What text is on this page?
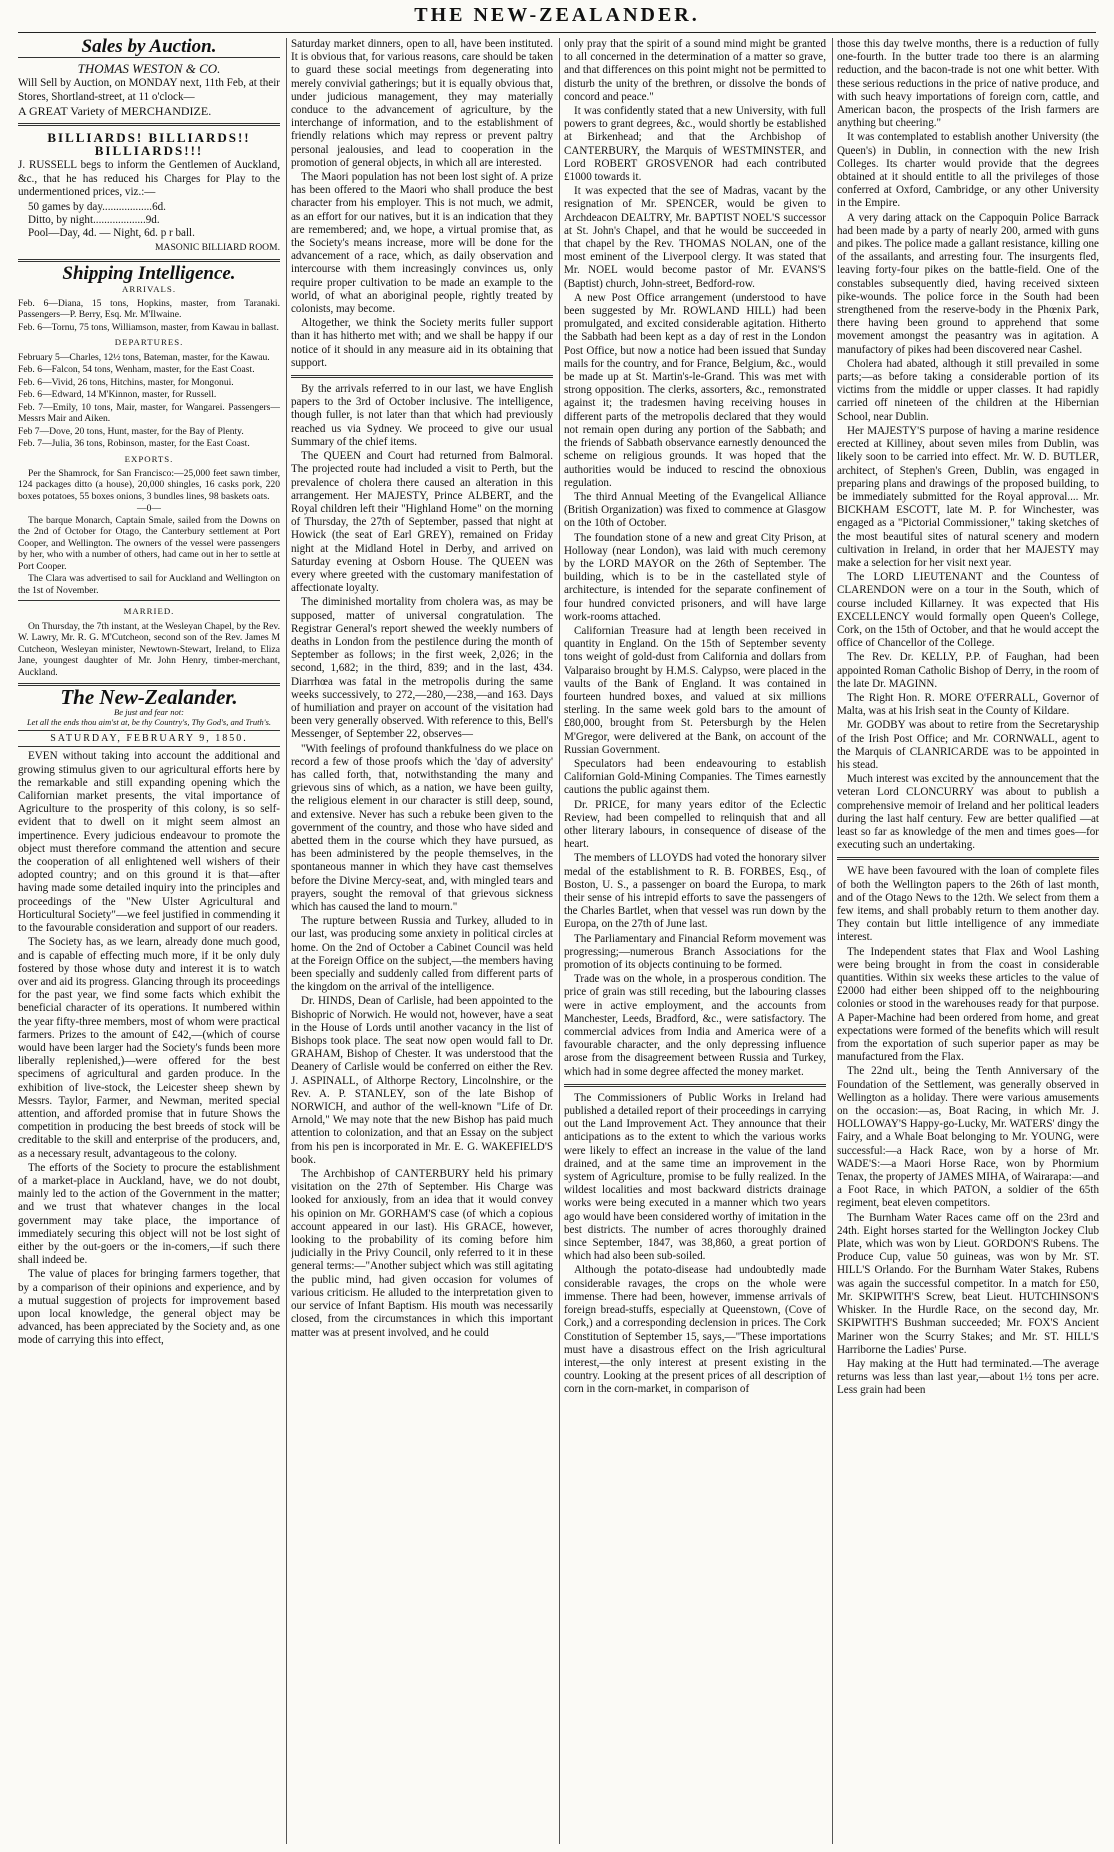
THE NEW-ZEALANDER.
Sales by Auction.
THOMAS WESTON & CO.

Will Sell by Auction, on MONDAY next, 11th Feb, at their Stores, Shortland-street, at 11 o'clock—

A GREAT Variety of MERCHANDIZE.

BILLIARDS! BILLIARDS!! BILLIARDS!!!

J. RUSSELL begs to inform the Gentlemen of Auckland, &c., that he has reduced his Charges for Play to the undermentioned prices, viz.:—

50 games by day..................6d.
Ditto, by night...................9d.
Pool—Day, 4d. — Night, 6d. p r ball.
MASONIC BILLIARD ROOM.
Shipping Intelligence.
ARRIVALS.

Feb. 6—Diana, 15 tons, Hopkins, master, from Taranaki. Passengers—P. Berry, Esq. Mr. M'Ilwaine.

Feb. 6—Tornu, 75 tons, Williamson, master, from Kawau in ballast.

DEPARTURES.

February 5—Charles, 12½ tons, Bateman, master, for the Kawau.

Feb. 6—Falcon, 54 tons, Wenham, master, for the East Coast.

Feb. 6—Vivid, 26 tons, Hitchins, master, for Mongonui.

Feb. 6—Edward, 14 M'Kinnon, master, for Russell.

Feb. 7—Emily, 10 tons, Mair, master, for Wangarei. Passengers—Messrs Mair and Aiken.

Feb 7—Dove, 20 tons, Hunt, master, for the Bay of Plenty.

Feb. 7—Julia, 36 tons, Robinson, master, for the East Coast.

EXPORTS.

Per the Shamrock, for San Francisco:—25,000 feet sawn timber, 124 packages ditto (a house), 20,000 shingles, 16 casks pork, 220 boxes potatoes, 55 boxes onions, 3 bundles lines, 98 baskets oats.

—0—

The barque Monarch, Captain Smale, sailed from the Downs on the 2nd of October for Otago, the Canterbury settlement at Port Cooper, and Wellington. The owners of the vessel were passengers by her, who with a number of others, had came out in her to settle at Port Cooper.

The Clara was advertised to sail for Auckland and Wellington on the 1st of November.

MARRIED.

On Thursday, the 7th instant, at the Wesleyan Chapel, by the Rev. W. Lawry, Mr. R. G. M'Cutcheon, second son of the Rev. James M Cutcheon, Wesleyan minister, Newtown-Stewart, Ireland, to Eliza Jane, youngest daughter of Mr. John Henry, timber-merchant, Auckland.

The New-Zealander.
Be just and fear not:
Let all the ends thou aim'st at, be thy Country's, Thy God's, and Truth's.
SATURDAY, FEBRUARY 9, 1850.

EVEN without taking into account the additional and growing stimulus given to our agricultural efforts here by the remarkable and still expanding opening which the Californian market presents, the vital importance of Agriculture to the prosperity of this colony, is so self-evident that to dwell on it might seem almost an impertinence. Every judicious endeavour to promote the object must therefore command the attention and secure the cooperation of all enlightened well wishers of their adopted country; and on this ground it is that—after having made some detailed inquiry into the principles and proceedings of the "New Ulster Agricultural and Horticultural Society"—we feel justified in commending it to the favourable consideration and support of our readers.

The Society has, as we learn, already done much good, and is capable of effecting much more, if it be only duly fostered by those whose duty and interest it is to watch over and aid its progress. Glancing through its proceedings for the past year, we find some facts which exhibit the beneficial character of its operations. It numbered within the year fifty-three members, most of whom were practical farmers. Prizes to the amount of £42,—(which of course would have been larger had the Society's funds been more liberally replenished,)—were offered for the best specimens of agricultural and garden produce. In the exhibition of live-stock, the Leicester sheep shewn by Messrs. Taylor, Farmer, and Newman, merited special attention, and afforded promise that in future Shows the competition in producing the best breeds of stock will be creditable to the skill and enterprise of the producers, and, as a necessary result, advantageous to the colony.

The efforts of the Society to procure the establishment of a market-place in Auckland, have, we do not doubt, mainly led to the action of the Government in the matter; and we trust that whatever changes in the local government may take place, the importance of immediately securing this object will not be lost sight of either by the out-goers or the in-comers,—if such there shall indeed be.

The value of places for bringing farmers together, that by a comparison of their opinions and experience, and by a mutual suggestion of projects for improvement based upon local knowledge, the general object may be advanced, has been appreciated by the Society and, as one mode of carrying this into effect,

Saturday market dinners, open to all, have been instituted. It is obvious that, for various reasons, care should be taken to guard these social meetings from degenerating into merely convivial gatherings; but it is equally obvious that, under judicious management, they may materially conduce to the advancement of agriculture, by the interchange of information, and to the establishment of friendly relations which may repress or prevent paltry personal jealousies, and lead to cooperation in the promotion of general objects, in which all are interested.

The Maori population has not been lost sight of. A prize has been offered to the Maori who shall produce the best character from his employer. This is not much, we admit, as an effort for our natives, but it is an indication that they are remembered; and, we hope, a virtual promise that, as the Society's means increase, more will be done for the advancement of a race, which, as daily observation and intercourse with them increasingly convinces us, only require proper cultivation to be made an example to the world, of what an aboriginal people, rightly treated by colonists, may become.

Altogether, we think the Society merits fuller support than it has hitherto met with; and we shall be happy if our notice of it should in any measure aid in its obtaining that support.

By the arrivals referred to in our last, we have English papers to the 3rd of October inclusive. The intelligence, though fuller, is not later than that which had previously reached us via Sydney. We proceed to give our usual Summary of the chief items.

The QUEEN and Court had returned from Balmoral. The projected route had included a visit to Perth, but the prevalence of cholera there caused an alteration in this arrangement. Her MAJESTY, Prince ALBERT, and the Royal children left their "Highland Home" on the morning of Thursday, the 27th of September, passed that night at Howick (the seat of Earl GREY), remained on Friday night at the Midland Hotel in Derby, and arrived on Saturday evening at Osborn House. The QUEEN was every where greeted with the customary manifestation of affectionate loyalty.

The diminished mortality from cholera was, as may be supposed, matter of universal congratulation. The Registrar General's report shewed the weekly numbers of deaths in London from the pestilence during the month of September as follows; in the first week, 2,026; in the second, 1,682; in the third, 839; and in the last, 434. Diarrhœa was fatal in the metropolis during the same weeks successively, to 272,—280,—238,—and 163. Days of humiliation and prayer on account of the visitation had been very generally observed. With reference to this, Bell's Messenger, of September 22, observes—

"With feelings of profound thankfulness do we place on record a few of those proofs which the 'day of adversity' has called forth, that, notwithstanding the many and grievous sins of which, as a nation, we have been guilty, the religious element in our character is still deep, sound, and extensive. Never has such a rebuke been given to the government of the country, and those who have sided and abetted them in the course which they have pursued, as has been administered by the people themselves, in the spontaneous manner in which they have cast themselves before the Divine Mercy-seat, and, with mingled tears and prayers, sought the removal of that grievous sickness which has caused the land to mourn."

The rupture between Russia and Turkey, alluded to in our last, was producing some anxiety in political circles at home. On the 2nd of October a Cabinet Council was held at the Foreign Office on the subject,—the members having been specially and suddenly called from different parts of the kingdom on the arrival of the intelligence.

Dr. HINDS, Dean of Carlisle, had been appointed to the Bishopric of Norwich. He would not, however, have a seat in the House of Lords until another vacancy in the list of Bishops took place. The seat now open would fall to Dr. GRAHAM, Bishop of Chester. It was understood that the Deanery of Carlisle would be conferred on either the Rev. J. ASPINALL, of Althorpe Rectory, Lincolnshire, or the Rev. A. P. STANLEY, son of the late Bishop of NORWICH, and author of the well-known "Life of Dr. Arnold," We may note that the new Bishop has paid much attention to colonization, and that an Essay on the subject from his pen is incorporated in Mr. E. G. WAKEFIELD'S book.

The Archbishop of CANTERBURY held his primary visitation on the 27th of September. His Charge was looked for anxiously, from an idea that it would convey his opinion on Mr. GORHAM'S case (of which a copious account appeared in our last). His GRACE, however, looking to the probability of its coming before him judicially in the Privy Council, only referred to it in these general terms:—"Another subject which was still agitating the public mind, had given occasion for volumes of various criticism. He alluded to the interpretation given to our service of Infant Baptism. His mouth was necessarily closed, from the circumstances in which this important matter was at present involved, and he could

only pray that the spirit of a sound mind might be granted to all concerned in the determination of a matter so grave, and that differences on this point might not be permitted to disturb the unity of the brethren, or dissolve the bonds of concord and peace."

It was confidently stated that a new University, with full powers to grant degrees, &c., would shortly be established at Birkenhead; and that the Archbishop of CANTERBURY, the Marquis of WESTMINSTER, and Lord ROBERT GROSVENOR had each contributed £1000 towards it.

It was expected that the see of Madras, vacant by the resignation of Mr. SPENCER, would be given to Archdeacon DEALTRY, Mr. BAPTIST NOEL'S successor at St. John's Chapel, and that he would be succeeded in that chapel by the Rev. THOMAS NOLAN, one of the most eminent of the Liverpool clergy. It was stated that Mr. NOEL would become pastor of Mr. EVANS'S (Baptist) church, John-street, Bedford-row.

A new Post Office arrangement (understood to have been suggested by Mr. ROWLAND HILL) had been promulgated, and excited considerable agitation. Hitherto the Sabbath had been kept as a day of rest in the London Post Office, but now a notice had been issued that Sunday mails for the country, and for France, Belgium, &c., would be made up at St. Martin's-le-Grand. This was met with strong opposition. The clerks, assorters, &c., remonstrated against it; the tradesmen having receiving houses in different parts of the metropolis declared that they would not remain open during any portion of the Sabbath; and the friends of Sabbath observance earnestly denounced the scheme on religious grounds. It was hoped that the authorities would be induced to rescind the obnoxious regulation.

The third Annual Meeting of the Evangelical Alliance (British Organization) was fixed to commence at Glasgow on the 10th of October.

The foundation stone of a new and great City Prison, at Holloway (near London), was laid with much ceremony by the LORD MAYOR on the 26th of September. The building, which is to be in the castellated style of architecture, is intended for the separate confinement of four hundred convicted prisoners, and will have large work-rooms attached.

Californian Treasure had at length been received in quantity in England. On the 15th of September seventy tons weight of gold-dust from California and dollars from Valparaiso brought by H.M.S. Calypso, were placed in the vaults of the Bank of England. It was contained in fourteen hundred boxes, and valued at six millions sterling. In the same week gold bars to the amount of £80,000, brought from St. Petersburgh by the Helen M'Gregor, were delivered at the Bank, on account of the Russian Government.

Speculators had been endeavouring to establish Californian Gold-Mining Companies. The Times earnestly cautions the public against them.

Dr. PRICE, for many years editor of the Eclectic Review, had been compelled to relinquish that and all other literary labours, in consequence of disease of the heart.

The members of LLOYDS had voted the honorary silver medal of the establishment to R. B. FORBES, Esq., of Boston, U. S., a passenger on board the Europa, to mark their sense of his intrepid efforts to save the passengers of the Charles Bartlet, when that vessel was run down by the Europa, on the 27th of June last.

The Parliamentary and Financial Reform movement was progressing;—numerous Branch Associations for the promotion of its objects continuing to be formed.

Trade was on the whole, in a prosperous condition. The price of grain was still receding, but the labouring classes were in active employment, and the accounts from Manchester, Leeds, Bradford, &c., were satisfactory. The commercial advices from India and America were of a favourable character, and the only depressing influence arose from the disagreement between Russia and Turkey, which had in some degree affected the money market.

The Commissioners of Public Works in Ireland had published a detailed report of their proceedings in carrying out the Land Improvement Act. They announce that their anticipations as to the extent to which the various works were likely to effect an increase in the value of the land drained, and at the same time an improvement in the system of Agriculture, promise to be fully realized. In the wildest localities and most backward districts drainage works were being executed in a manner which two years ago would have been considered worthy of imitation in the best districts. The number of acres thoroughly drained since September, 1847, was 38,860, a great portion of which had also been sub-soiled.

Although the potato-disease had undoubtedly made considerable ravages, the crops on the whole were immense. There had been, however, immense arrivals of foreign bread-stuffs, especially at Queenstown, (Cove of Cork,) and a corresponding declension in prices. The Cork Constitution of September 15, says,—"These importations must have a disastrous effect on the Irish agricultural interest,—the only interest at present existing in the country. Looking at the present prices of all description of corn in the corn-market, in comparison of

those this day twelve months, there is a reduction of fully one-fourth. In the butter trade too there is an alarming reduction, and the bacon-trade is not one whit better. With these serious reductions in the price of native produce, and with such heavy importations of foreign corn, cattle, and American bacon, the prospects of the Irish farmers are anything but cheering."

It was contemplated to establish another University (the Queen's) in Dublin, in connection with the new Irish Colleges. Its charter would provide that the degrees obtained at it should entitle to all the privileges of those conferred at Oxford, Cambridge, or any other University in the Empire.

A very daring attack on the Cappoquin Police Barrack had been made by a party of nearly 200, armed with guns and pikes. The police made a gallant resistance, killing one of the assailants, and arresting four. The insurgents fled, leaving forty-four pikes on the battle-field. One of the constables subsequently died, having received sixteen pike-wounds. The police force in the South had been strengthened from the reserve-body in the Phœnix Park, there having been ground to apprehend that some movement amongst the peasantry was in agitation. A manufactory of pikes had been discovered near Cashel.

Cholera had abated, although it still prevailed in some parts;—as before taking a considerable portion of its victims from the middle or upper classes. It had rapidly carried off nineteen of the children at the Hibernian School, near Dublin.

Her MAJESTY'S purpose of having a marine residence erected at Killiney, about seven miles from Dublin, was likely soon to be carried into effect. Mr. W. D. BUTLER, architect, of Stephen's Green, Dublin, was engaged in preparing plans and drawings of the proposed building, to be immediately submitted for the Royal approval.... Mr. BICKHAM ESCOTT, late M. P. for Winchester, was engaged as a "Pictorial Commissioner," taking sketches of the most beautiful sites of natural scenery and modern cultivation in Ireland, in order that her MAJESTY may make a selection for her visit next year.

The LORD LIEUTENANT and the Countess of CLARENDON were on a tour in the South, which of course included Killarney. It was expected that His EXCELLENCY would formally open Queen's College, Cork, on the 15th of October, and that he would accept the office of Chancellor of the College.

The Rev. Dr. KELLY, P.P. of Faughan, had been appointed Roman Catholic Bishop of Derry, in the room of the late Dr. MAGINN.

The Right Hon. R. MORE O'FERRALL, Governor of Malta, was at his Irish seat in the County of Kildare.

Mr. GODBY was about to retire from the Secretaryship of the Irish Post Office; and Mr. CORNWALL, agent to the Marquis of CLANRICARDE was to be appointed in his stead.

Much interest was excited by the announcement that the veteran Lord CLONCURRY was about to publish a comprehensive memoir of Ireland and her political leaders during the last half century. Few are better qualified —at least so far as knowledge of the men and times goes—for executing such an undertaking.

WE have been favoured with the loan of complete files of both the Wellington papers to the 26th of last month, and of the Otago News to the 12th. We select from them a few items, and shall probably return to them another day. They contain but little intelligence of any immediate interest.

The Independent states that Flax and Wool Lashing were being brought in from the coast in considerable quantities. Within six weeks these articles to the value of £2000 had either been shipped off to the neighbouring colonies or stood in the warehouses ready for that purpose. A Paper-Machine had been ordered from home, and great expectations were formed of the benefits which will result from the exportation of such superior paper as may be manufactured from the Flax.

The 22nd ult., being the Tenth Anniversary of the Foundation of the Settlement, was generally observed in Wellington as a holiday. There were various amusements on the occasion:—as, Boat Racing, in which Mr. J. HOLLOWAY'S Happy-go-Lucky, Mr. WATERS' dingy the Fairy, and a Whale Boat belonging to Mr. YOUNG, were successful:—a Hack Race, won by a horse of Mr. WADE'S:—a Maori Horse Race, won by Phormium Tenax, the property of JAMES MIHA, of Wairarapa:—and a Foot Race, in which PATON, a soldier of the 65th regiment, beat eleven competitors.

The Burnham Water Races came off on the 23rd and 24th. Eight horses started for the Wellington Jockey Club Plate, which was won by Lieut. GORDON'S Rubens. The Produce Cup, value 50 guineas, was won by Mr. ST. HILL'S Orlando. For the Burnham Water Stakes, Rubens was again the successful competitor. In a match for £50, Mr. SKIPWITH'S Screw, beat Lieut. HUTCHINSON'S Whisker. In the Hurdle Race, on the second day, Mr. SKIPWITH'S Bushman succeeded; Mr. FOX'S Ancient Mariner won the Scurry Stakes; and Mr. ST. HILL'S Harriborne the Ladies' Purse.

Hay making at the Hutt had terminated.—The average returns was less than last year,—about 1½ tons per acre. Less grain had been
